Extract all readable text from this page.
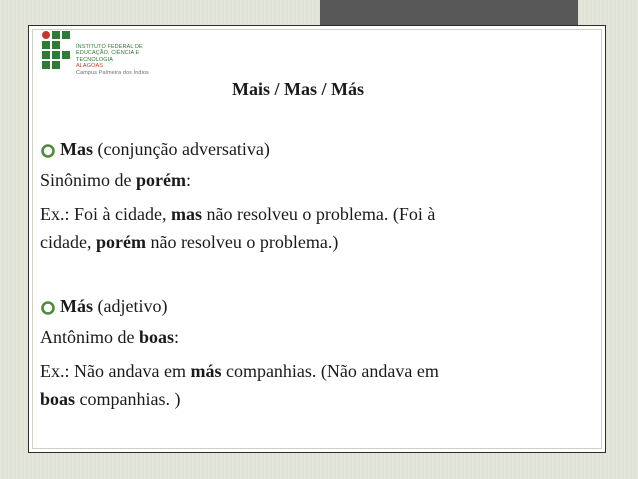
INSTITUTO FEDERAL DE
EDUCAÇÃO, CIÊNCIA E TECNOLOGIA
ALAGOAS
Campus Palmeira dos Índios
Mais / Mas / Más
Mas (conjunção adversativa)
Sinônimo de porém:
Ex.: Foi à cidade, mas não resolveu o problema. (Foi à
cidade, porém não resolveu o problema.)
Más (adjetivo)
Antônimo de boas:
Ex.: Não andava em más companhias. (Não andava em
boas companhias. )
